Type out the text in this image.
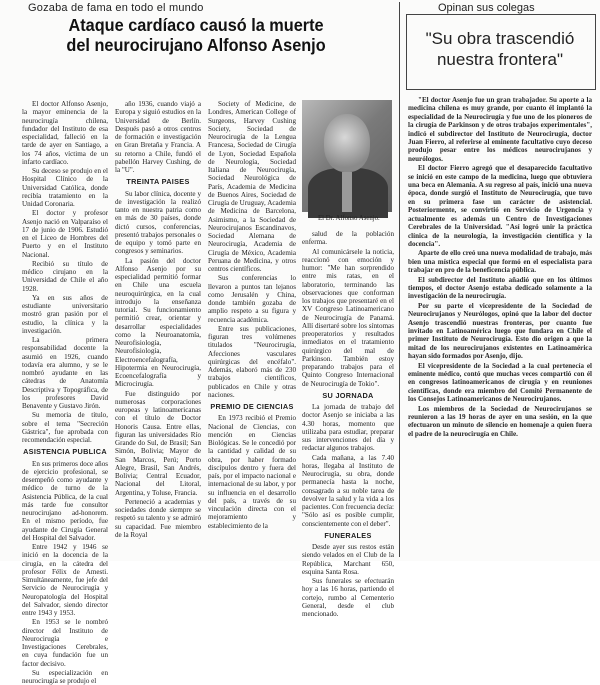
Gozaba de fama en todo el mundo
Ataque cardíaco causó la muerte
del neurocirujano Alfonso Asenjo

El doctor Alfonso Asenjo, la mayor eminencia de la neurocirugía chilena, fundador del Instituto de esa especialidad, falleció en la tarde de ayer en Santiago, a los 74 años, víctima de un infarto cardíaco.

Su deceso se produjo en el Hospital Clínico de la Universidad Católica, donde recibía tratamiento en la Unidad Coronaria.

El doctor y profesor Asenjo nació en Valparaíso el 17 de junio de 1906. Estudió en el Liceo de Hombres del Puerto y en el Instituto Nacional.

Recibió su título de médico cirujano en la Universidad de Chile el año 1928.

Ya en sus años de estudiante universitario mostró gran pasión por el estudio, la clínica y la investigación.

La primera responsabilidad docente la asumió en 1926, cuando todavía era alumno, y se le nombró ayudante en las cátedras de Anatomía Descriptiva y Topográfica, de los profesores David Benavente y Gustavo Jirón.

Su memoria de título, sobre el tema "Secreción Gástrica", fue aprobada con recomendación especial.

ASISTENCIA PUBLICA

En sus primeros doce años de ejercicio profesional, se desempeñó como ayudante y médico de turno de la Asistencia Pública, de la cual más tarde fue consultor neurocirujano ad-honorem. En el mismo período, fue ayudante de Cirugía General del Hospital del Salvador.

Entre 1942 y 1946 se inició en la docencia de la cirugía, en la cátedra del profesor Félix de Amesti. Simultáneamente, fue jefe del Servicio de Neurocirugía y Neuropatología del Hospital del Salvador, siendo director entre 1943 y 1953.

En 1953 se le nombró director del Instituto de Neurocirugía e Investigaciones Cerebrales, en cuya fundación fue un factor decisivo.

Su especialización en neurocirugía se produjo el

año 1936, cuando viajó a Europa y siguió estudios en la Universidad de Berlín. Después pasó a otros centros de formación e investigación en Gran Bretaña y Francia. A su retorno a Chile, fundó el pabellón Harvey Cushing, de la "U".

TREINTA PAISES

Su labor clínica, docente y de investigación la realizó tanto en nuestra patria como en más de 30 países, donde dictó cursos, conferencias, presentó trabajos personales o de equipo y tomó parte en congresos y seminarios.

La pasión del doctor Alfonso Asenjo por su especialidad permitió formar en Chile una escuela neuroquirúrgica, en la cual introdujo la enseñanza tutorial. Su funcionamiento permitió crear, orientar y desarrollar especialidades como la Neuroanatomía, Neurofisiología, Neurofisiología, Electroencefalografía, Hipotermia en Neurocirugía, Ecoencefalografía y Microcirugía.

Fue distinguido por numerosas corporaciones europeas y latinoamericanas con el título de Doctor Honoris Causa. Entre ellas, figuran las universidades Río Grande do Sul, de Brasil; San Simón, Bolivia; Mayor de San Marcos, Perú; Porto Alegre, Brasil, San Andrés, Bolivia; Central Ecuador, Nacional del Litoral, Argentina, y Toluse, Francia.

Perteneció a academias y sociedades donde siempre se respetó su talento y se admiró su capacidad. Fue miembro de la Royal

Society of Medicine, de Londres, American College of Surgeons, Harvey Cushing Society, Sociedad de Neurocirugía de la Lengua Francesa, Sociedad de Cirugía de Lyon, Sociedad Española de Neurología, Sociedad Italiana de Neurocirugía, Sociedad Neurológica de París, Academia de Medicina de Buenos Aires, Sociedad de Cirugía de Uruguay, Academia de Medicina de Barcelona, Asimismo, a la Sociedad de Neurocirujanos Escandinavos, Sociedad Alemana de Neurocirugía, Academia de Cirugía de México, Academia Peruana de Medicina, y otros centros científicos.

Sus conferencias lo llevaron a puntos tan lejanos como Jerusalén y China, donde también gozaba de amplio respeto a su figura y recuencia académica.

Entre sus publicaciones, figuran tres volúmenes titulados "Neurocirugía, Afecciones vasculares quirúrgicas del encéfalo". Además, elaboró más de 230 trabajos científicos, publicados en Chile y otras naciones.

PREMIO DE CIENCIAS

En 1973 recibió el Premio Nacional de Ciencias, con mención en Ciencias Biológicas. Se le concedió por la cantidad y calidad de su obra, por haber formado discípulos dentro y fuera del país, por el impacto nacional e internacional de su labor, y por su influencia en el desarrollo del país, a través de su vinculación directa con el mejoramiento y establecimiento de la

El Dr. Alfonso Asenjo.

salud de la población enferma.

Al comunicársele la noticia, reaccionó con emoción y humor: "Me han sorprendido entre mis ratas, en el laboratorio, terminando las observaciones que conforman los trabajos que presentaré en el XV Congreso Latinoamericano de Neurocirugía de Panamá. Allí disertaré sobre los síntomas preoperatorios y resultados inmediatos en el tratamiento quirúrgico del mal de Parkinson. También estoy preparando trabajos para el Quinto Congreso Internacional de Neurocirugía de Tokio".

SU JORNADA

La jornada de trabajo del doctor Asenjo se iniciaba a las 4.30 horas, momento que utilizaba para estudiar, preparar sus intervenciones del día y redactar algunos trabajos.

Cada mañana, a las 7.40 horas, llegaba al Instituto de Neurocirugía, su obra, donde permanecía hasta la noche, consagrado a su noble tarea de devolver la salud y la vida a los pacientes. Con frecuencia decía: "Sólo así es posible cumplir, conscientemente con el deber".

FUNERALES

Desde ayer sus restos están siendo velados en el Club de la República, Marchant 650, esquina Santa Rosa.

Sus funerales se efectuarán hoy a las 16 horas, partiendo el cortejo, rumbo al Cementerio General, desde el club mencionado.

Opinan sus colegas
"Su obra trascendió
nuestra frontera"

"El doctor Asenjo fue un gran trabajador. Su aporte a la medicina chilena es muy grande, por cuanto él implantó la especialidad de la Neurocirugía y fue uno de los pioneros de la cirugía de Parkinson y de otros trabajos experimentales", indicó el subdirector del Instituto de Neurocirugía, doctor Juan Fierro, al referirse al eminente facultativo cuyo deceso produjo pesar entre los médicos neurocirujanos y neurólogos.

El doctor Fierro agregó que el desaparecido facultativo se inició en este campo de la medicina, luego que obtuviera una beca en Alemania. A su regreso al país, inició una nueva época, donde surgió el Instituto de Neurocirugía, que tuvo en su primera fase un carácter de asistencial. Posteriormente, se convirtió en Servicio de Urgencia y actualmente es además un Centro de Investigaciones Cerebrales de la Universidad. "Así logró unir la práctica clínica de la neurología, la investigación científica y la docencia".

Aparte de ello creó una nueva modalidad de trabajo, más bien una mística especial que formó en el especialista para trabajar en pro de la beneficencia pública.

El subdirector del Instituto añadió que en los últimos tiempos, el doctor Asenjo estaba dedicado solamente a la investigación de la neurocirugía.

Por su parte el vicepresidente de la Sociedad de Neurocirujanos y Neurólogos, opinó que la labor del doctor Asenjo trascendió nuestras fronteras, por cuanto fue invitado en Latinoamérica luego que fundara en Chile el primer Instituto de Neurocirugía. Esto dio origen a que la mitad de los neurocirujanos existentes en Latinoamérica hayan sido formados por Asenjo, dijo.

El vicepresidente de la Sociedad a la cual pertenecía el eminente médico, contó que muchas veces compartió con él en congresos latinoamericanos de cirugía y en reuniones científicas, donde era miembro del Comité Permanente de los Consejos Latinoamericanos de Neurocirujanos.

Los miembros de la Sociedad de Neurocirujanos se reunieron a las 19 horas de ayer en una sesión, en la que efectuaron un minuto de silencio en homenaje a quien fuera el padre de la neurocirugía en Chile.
